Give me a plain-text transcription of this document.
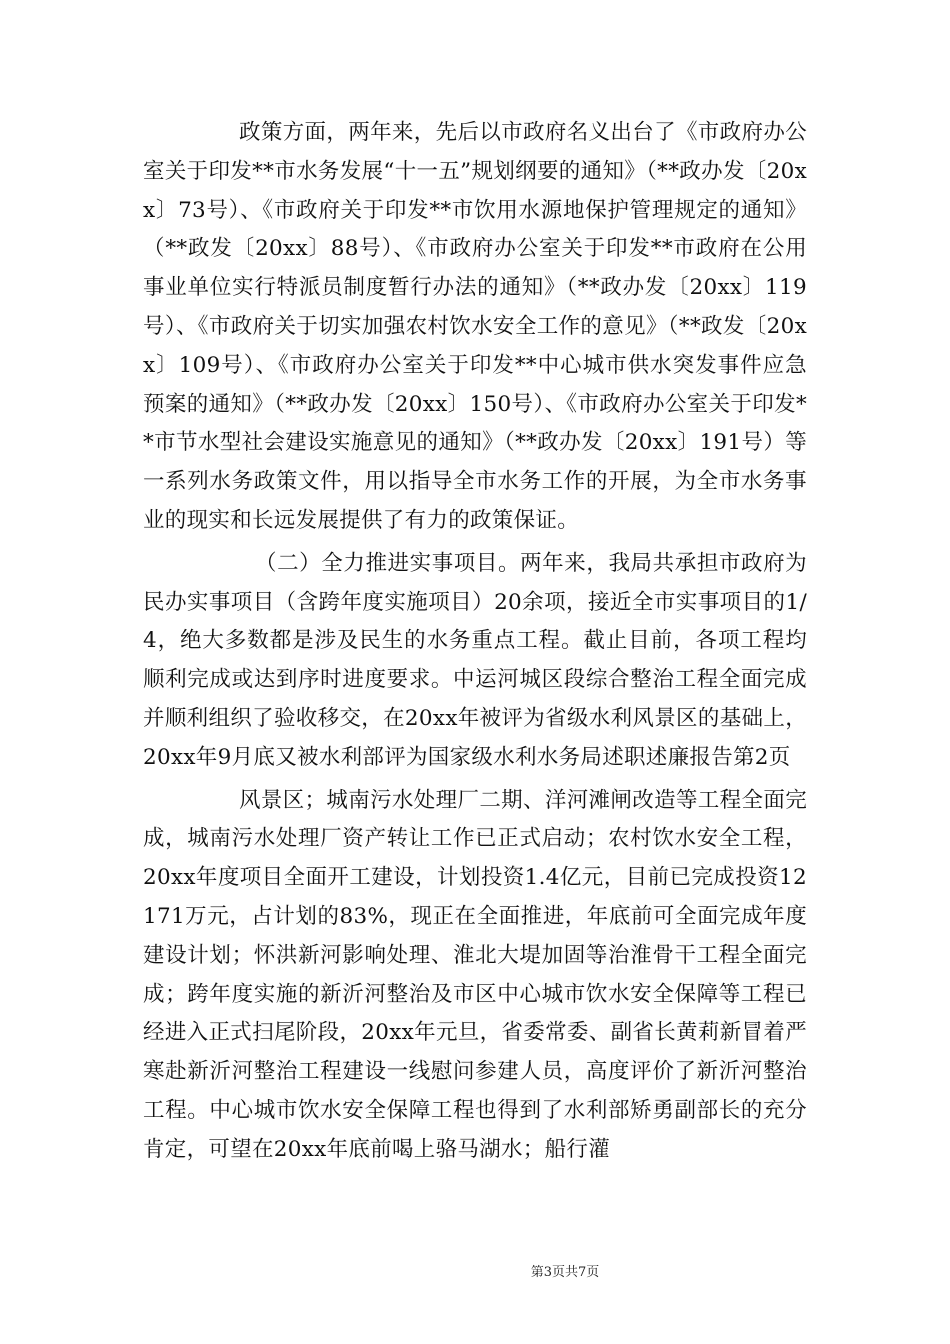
政策方面，两年来，先后以市政府名义出台了《市政府办公室关于印发**市水务发展“十一五”规划纲要的通知》（**政办发〔20xx〕73号）、《市政府关于印发**市饮用水源地保护管理规定的通知》（**政发〔20xx〕88号）、《市政府办公室关于印发**市政府在公用事业单位实行特派员制度暂行办法的通知》（**政办发〔20xx〕119号）、《市政府关于切实加强农村饮水安全工作的意见》（**政发〔20xx〕109号）、《市政府办公室关于印发**中心城市供水突发事件应急预案的通知》（**政办发〔20xx〕150号）、《市政府办公室关于印发**市节水型社会建设实施意见的通知》（**政办发〔20xx〕191号）等一系列水务政策文件，用以指导全市水务工作的开展，为全市水务事业的现实和长远发展提供了有力的政策保证。

（二）全力推进实事项目。两年来，我局共承担市政府为民办实事项目（含跨年度实施项目）20余项，接近全市实事项目的1/4，绝大多数都是涉及民生的水务重点工程。截止目前，各项工程均顺利完成或达到序时进度要求。中运河城区段综合整治工程全面完成并顺利组织了验收移交，在20xx年被评为省级水利风景区的基础上，20xx年9月底又被水利部评为国家级水利水务局述职述廉报告第2页

风景区；城南污水处理厂二期、洋河滩闸改造等工程全面完成，城南污水处理厂资产转让工作已正式启动；农村饮水安全工程，20xx年度项目全面开工建设，计划投资1.4亿元，目前已完成投资12171万元，占计划的83%，现正在全面推进，年底前可全面完成年度建设计划；怀洪新河影响处理、淮北大堤加固等治淮骨干工程全面完成；跨年度实施的新沂河整治及市区中心城市饮水安全保障等工程已经进入正式扫尾阶段，20xx年元旦，省委常委、副省长黄莉新冒着严寒赴新沂河整治工程建设一线慰问参建人员，高度评价了新沂河整治工程。中心城市饮水安全保障工程也得到了水利部矫勇副部长的充分肯定，可望在20xx年底前喝上骆马湖水；船行灌

第3页共7页
